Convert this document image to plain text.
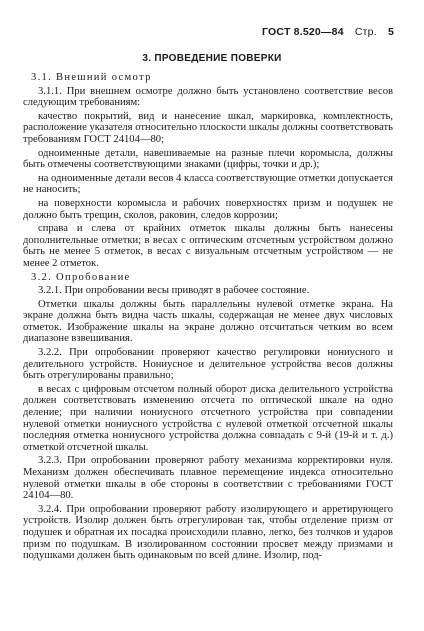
ГОСТ 8.520—84 Стр. 5
3. ПРОВЕДЕНИЕ ПОВЕРКИ

3.1. Внешний осмотр

3.1.1. При внешнем осмотре должно быть установлено соответствие весов следующим требованиям:

качество покрытий, вид и нанесение шкал, маркировка, комплектность, расположение указателя относительно плоскости шкалы должны соответствовать требованиям ГОСТ 24104—80;

одноименные детали, навешиваемые на разные плечи коромысла, должны быть отмечены соответствующими знаками (цифры, точки и др.);

на одноименные детали весов 4 класса соответствующие отметки допускается не наносить;

на поверхности коромысла и рабочих поверхностях призм и подушек не должно быть трещин, сколов, раковин, следов коррозии;

справа и слева от крайних отметок шкалы должны быть нанесены дополнительные отметки; в весах с оптическим отсчетным устройством должно быть не менее 5 отметок, в весах с визуальным отсчетным устройством — не менее 2 отметок.

3.2. Опробование

3.2.1. При опробовании весы приводят в рабочее состояние.

Отметки шкалы должны быть параллельны нулевой отметке экрана. На экране должна быть видна часть шкалы, содержащая не менее двух числовых отметок. Изображение шкалы на экране должно отсчитаться четким во всем диапазоне взвешивания.

3.2.2. При опробовании проверяют качество регулировки нониусного и делительного устройств. Нониусное и делительное устройства весов должны быть отрегулированы правильно;

в весах с цифровым отсчетом полный оборот диска делительного устройства должен соответствовать изменению отсчета по оптической шкале на одно деление; при наличии нониусного отсчетного устройства при совпадении нулевой отметки нониусного устройства с нулевой отметкой отсчетной шкалы последняя отметка нониусного устройства должна совпадать с 9-й (19-й и т. д.) отметкой отсчетной шкалы.

3.2.3. При опробовании проверяют работу механизма корректировки нуля. Механизм должен обеспечивать плавное перемещение индекса относительно нулевой отметки шкалы в обе стороны в соответствии с требованиями ГОСТ 24104—80.

3.2.4. При опробовании проверяют работу изолирующего и арретирующего устройств. Изолир должен быть отрегулирован так, чтобы отделение призм от подушек и обратная их посадка происходили плавно, легко, без толчков и ударов призм по подушкам. В изолированном состоянии просвет между призмами и подушками должен быть одинаковым по всей длине. Изолир, под-
